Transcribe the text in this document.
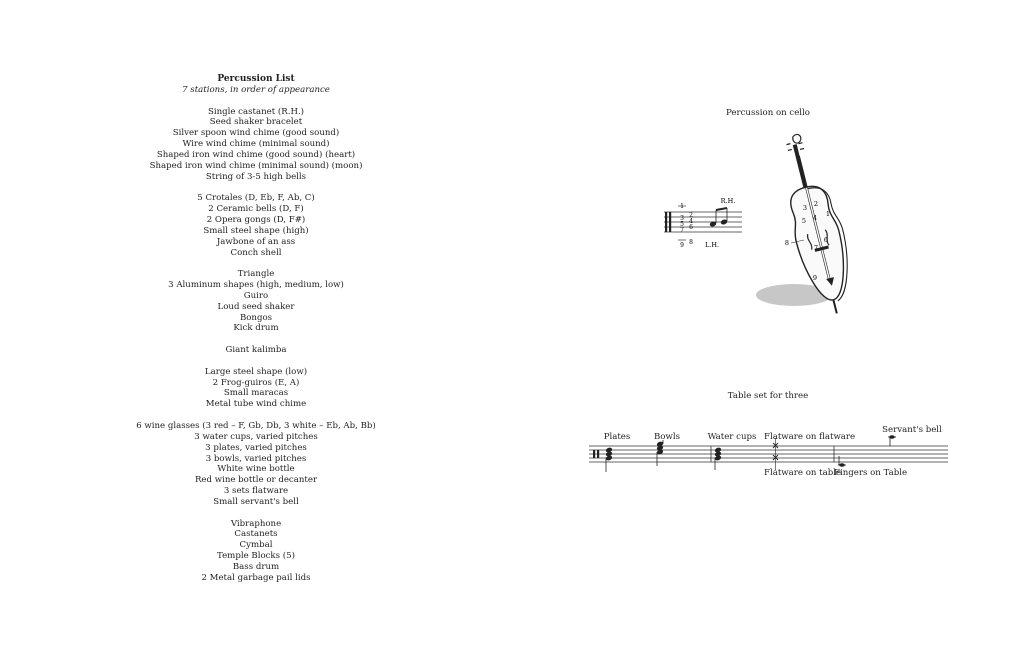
Percussion List
7 stations, in order of appearance
Single castanet (R.H.)
Seed shaker bracelet
Silver spoon wind chime (good sound)
Wire wind chime (minimal sound)
Shaped iron wind chime (good sound) (heart)
Shaped iron wind chime (minimal sound) (moon)
String of 3-5 high bells
5 Crotales (D, Eb, F, Ab, C)
2 Ceramic bells (D, F)
2 Opera gongs (D, F#)
Small steel shape (high)
Jawbone of an ass
Conch shell
Triangle
3 Aluminum shapes (high, medium, low)
Guiro
Loud seed shaker
Bongos
Kick drum
Giant kalimba
Large steel shape (low)
2 Frog-guiros (E, A)
Small maracas
Metal tube wind chime
6 wine glasses (3 red – F, Gb, Db, 3 white – Eb, Ab, Bb)
3 water cups, varied pitches
3 plates, varied pitches
3 bowls, varied pitches
White wine bottle
Red wine bottle or decanter
3 sets flatware
Small servant's bell
Vibraphone
Castanets
Cymbal
Temple Blocks (5)
Bass drum
2 Metal garbage pail lids
Percussion on cello
1
3
5
7
2
4
6
9 8
R.H.
L.H.
1
2
3
4
5
6
7
8
9
Table set for three
Plates	Bowls	Water cups Flatware on flatware
Servant's bell
Flatware on table
Fingers on Table
